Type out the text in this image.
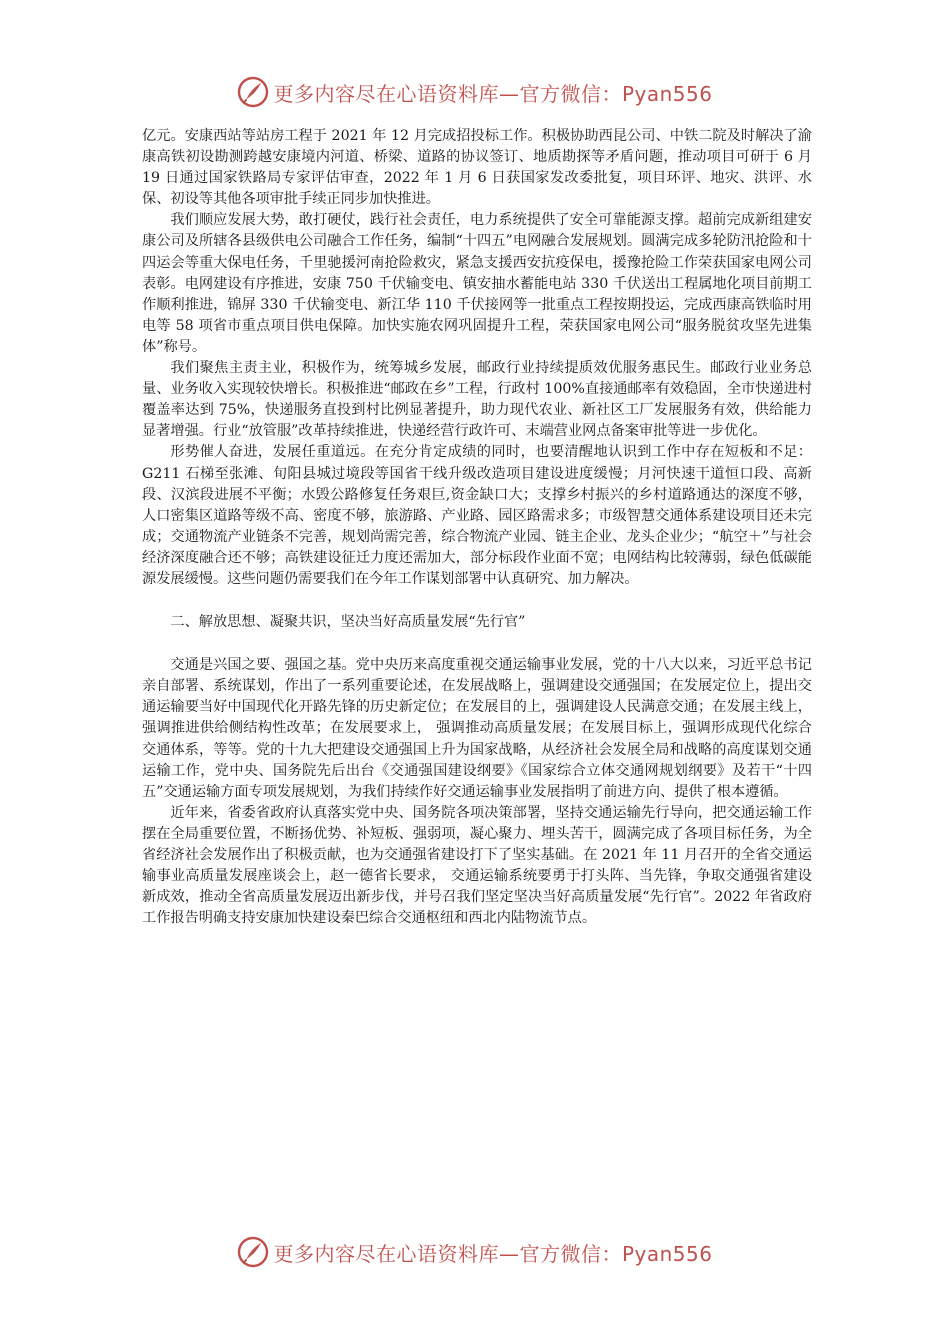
更多内容尽在心语资料库—官方微信：Pyan556

亿元。安康西站等站房工程于 2021 年 12 月完成招投标工作。积极协助西昆公司、中铁二院及时解决了渝康高铁初设勘测跨越安康境内河道、桥梁、道路的协议签订、地质勘探等矛盾问题，推动项目可研于 6 月 19 日通过国家铁路局专家评估审查，2022 年 1 月 6 日获国家发改委批复，项目环评、地灾、洪评、水保、初设等其他各项审批手续正同步加快推进。

我们顺应发展大势，敢打硬仗，践行社会责任，电力系统提供了安全可靠能源支撑。超前完成新组建安康公司及所辖各县级供电公司融合工作任务，编制“十四五”电网融合发展规划。圆满完成多轮防汛抢险和十四运会等重大保电任务，千里驰援河南抢险救灾，紧急支援西安抗疫保电，援豫抢险工作荣获国家电网公司表彰。电网建设有序推进，安康 750 千伏输变电、镇安抽水蓄能电站 330 千伏送出工程属地化项目前期工作顺利推进，锦屏 330 千伏输变电、新江华 110 千伏接网等一批重点工程按期投运，完成西康高铁临时用电等 58 项省市重点项目供电保障。加快实施农网巩固提升工程，荣获国家电网公司“服务脱贫攻坚先进集体”称号。

我们聚焦主责主业，积极作为，统筹城乡发展，邮政行业持续提质效优服务惠民生。邮政行业业务总量、业务收入实现较快增长。积极推进“邮政在乡”工程，行政村 100%直接通邮率有效稳固，全市快递进村覆盖率达到 75%，快递服务直投到村比例显著提升，助力现代农业、新社区工厂发展服务有效，供给能力显著增强。行业“放管服”改革持续推进，快递经营行政许可、末端营业网点备案审批等进一步优化。

形势催人奋进，发展任重道远。在充分肯定成绩的同时，也要清醒地认识到工作中存在短板和不足：G211 石梯至张滩、旬阳县城过境段等国省干线升级改造项目建设进度缓慢；月河快速干道恒口段、高新段、汉滨段进展不平衡；水毁公路修复任务艰巨,资金缺口大；支撑乡村振兴的乡村道路通达的深度不够，人口密集区道路等级不高、密度不够，旅游路、产业路、园区路需求多；市级智慧交通体系建设项目还未完成；交通物流产业链条不完善，规划尚需完善，综合物流产业园、链主企业、龙头企业少；“航空＋”与社会经济深度融合还不够；高铁建设征迁力度还需加大，部分标段作业面不宽；电网结构比较薄弱，绿色低碳能源发展缓慢。这些问题仍需要我们在今年工作谋划部署中认真研究、加力解决。

二、解放思想、凝聚共识，坚决当好高质量发展“先行官”

交通是兴国之要、强国之基。党中央历来高度重视交通运输事业发展，党的十八大以来，习近平总书记亲自部署、系统谋划，作出了一系列重要论述，在发展战略上，强调建设交通强国；在发展定位上，提出交通运输要当好中国现代化开路先锋的历史新定位；在发展目的上，强调建设人民满意交通；在发展主线上，强调推进供给侧结构性改革；在发展要求上， 强调推动高质量发展；在发展目标上，强调形成现代化综合交通体系，等等。党的十九大把建设交通强国上升为国家战略，从经济社会发展全局和战略的高度谋划交通运输工作，党中央、国务院先后出台《交通强国建设纲要》《国家综合立体交通网规划纲要》及若干“十四五”交通运输方面专项发展规划，为我们持续作好交通运输事业发展指明了前进方向、提供了根本遵循。

近年来，省委省政府认真落实党中央、国务院各项决策部署，坚持交通运输先行导向，把交通运输工作摆在全局重要位置，不断扬优势、补短板、强弱项，凝心聚力、埋头苦干，圆满完成了各项目标任务，为全省经济社会发展作出了积极贡献，也为交通强省建设打下了坚实基础。在 2021 年 11 月召开的全省交通运输事业高质量发展座谈会上，赵一德省长要求， 交通运输系统要勇于打头阵、当先锋，争取交通强省建设新成效，推动全省高质量发展迈出新步伐，并号召我们坚定坚决当好高质量发展“先行官”。2022 年省政府工作报告明确支持安康加快建设秦巴综合交通枢纽和西北内陆物流节点。

更多内容尽在心语资料库—官方微信：Pyan556
